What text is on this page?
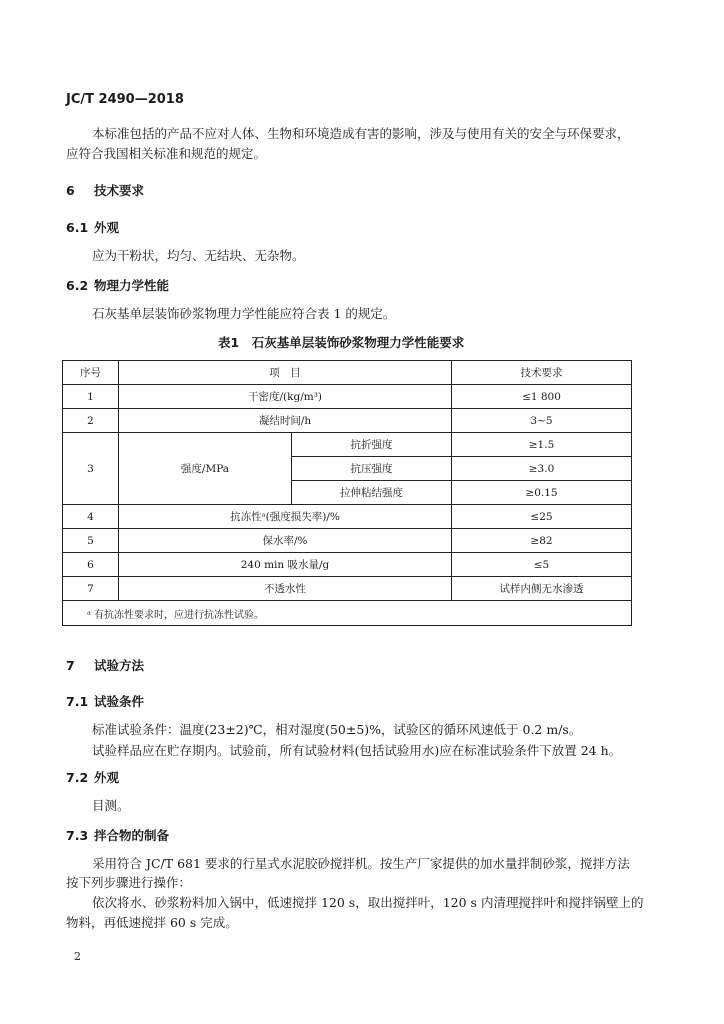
JC/T 2490—2018
本标准包括的产品不应对人体、生物和环境造成有害的影响，涉及与使用有关的安全与环保要求，
应符合我国相关标准和规范的规定。
6 技术要求
6.1 外观
应为干粉状，均匀、无结块、无杂物。
6.2 物理力学性能
石灰基单层装饰砂浆物理力学性能应符合表 1 的规定。
表1　石灰基单层装饰砂浆物理力学性能要求
序号	项　目		技术要求
1	干密度/(kg/m³)		≤1 800
2	凝结时间/h		3~5
3	强度/MPa	抗折强度	≥1.5
		抗压强度	≥3.0
		拉伸粘结强度	≥0.15
4	抗冻性ᵃ(强度损失率)/%		≤25
5	保水率/%		≥82
6	240 min 吸水量/g		≤5
7	不透水性		试样内侧无水渗透
ᵃ 有抗冻性要求时，应进行抗冻性试验。			
7 试验方法
7.1 试验条件
标准试验条件：温度(23±2)℃，相对湿度(50±5)%，试验区的循环风速低于 0.2 m/s。
试验样品应在贮存期内。试验前，所有试验材料(包括试验用水)应在标准试验条件下放置 24 h。
7.2 外观
目测。
7.3 拌合物的制备
采用符合 JC/T 681 要求的行星式水泥胶砂搅拌机。按生产厂家提供的加水量拌制砂浆，搅拌方法
按下列步骤进行操作：
依次将水、砂浆粉料加入锅中，低速搅拌 120 s，取出搅拌叶，120 s 内清理搅拌叶和搅拌锅壁上的
物料，再低速搅拌 60 s 完成。
2
